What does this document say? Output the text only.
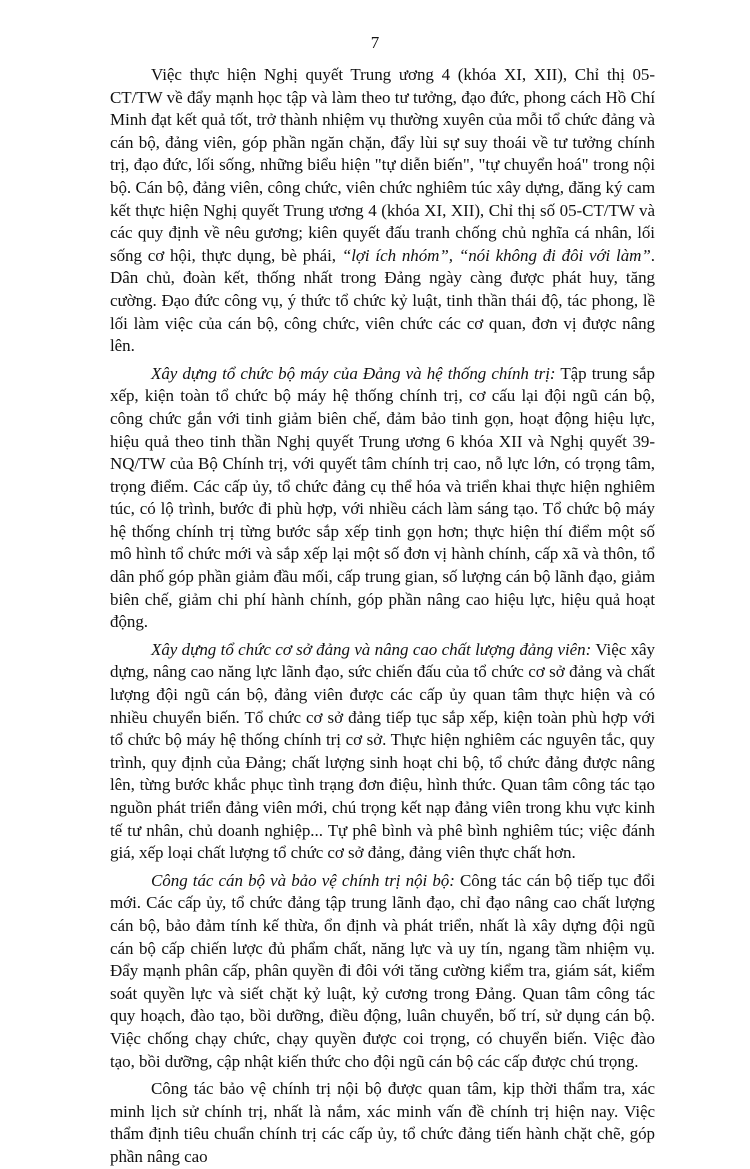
7

Việc thực hiện Nghị quyết Trung ương 4 (khóa XI, XII), Chỉ thị 05-CT/TW về đẩy mạnh học tập và làm theo tư tưởng, đạo đức, phong cách Hồ Chí Minh đạt kết quả tốt, trở thành nhiệm vụ thường xuyên của mỗi tổ chức đảng và cán bộ, đảng viên, góp phần ngăn chặn, đẩy lùi sự suy thoái về tư tưởng chính trị, đạo đức, lối sống, những biểu hiện "tự diễn biến", "tự chuyển hoá" trong nội bộ. Cán bộ, đảng viên, công chức, viên chức nghiêm túc xây dựng, đăng ký cam kết thực hiện Nghị quyết Trung ương 4 (khóa XI, XII), Chỉ thị số 05-CT/TW và các quy định về nêu gương; kiên quyết đấu tranh chống chủ nghĩa cá nhân, lối sống cơ hội, thực dụng, bè phái, “lợi ích nhóm”, “nói không đi đôi với làm”. Dân chủ, đoàn kết, thống nhất trong Đảng ngày càng được phát huy, tăng cường. Đạo đức công vụ, ý thức tổ chức kỷ luật, tinh thần thái độ, tác phong, lề lối làm việc của cán bộ, công chức, viên chức các cơ quan, đơn vị được nâng lên.

Xây dựng tổ chức bộ máy của Đảng và hệ thống chính trị: Tập trung sắp xếp, kiện toàn tổ chức bộ máy hệ thống chính trị, cơ cấu lại đội ngũ cán bộ, công chức gắn với tinh giảm biên chế, đảm bảo tinh gọn, hoạt động hiệu lực, hiệu quả theo tinh thần Nghị quyết Trung ương 6 khóa XII và Nghị quyết 39-NQ/TW của Bộ Chính trị, với quyết tâm chính trị cao, nỗ lực lớn, có trọng tâm, trọng điểm. Các cấp ủy, tổ chức đảng cụ thể hóa và triển khai thực hiện nghiêm túc, có lộ trình, bước đi phù hợp, với nhiều cách làm sáng tạo. Tổ chức bộ máy hệ thống chính trị từng bước sắp xếp tinh gọn hơn; thực hiện thí điểm một số mô hình tổ chức mới và sắp xếp lại một số đơn vị hành chính, cấp xã và thôn, tổ dân phố góp phần giảm đầu mối, cấp trung gian, số lượng cán bộ lãnh đạo, giảm biên chế, giảm chi phí hành chính, góp phần nâng cao hiệu lực, hiệu quả hoạt động.

Xây dựng tổ chức cơ sở đảng và nâng cao chất lượng đảng viên: Việc xây dựng, nâng cao năng lực lãnh đạo, sức chiến đấu của tổ chức cơ sở đảng và chất lượng đội ngũ cán bộ, đảng viên được các cấp ủy quan tâm thực hiện và có nhiều chuyển biến. Tổ chức cơ sở đảng tiếp tục sắp xếp, kiện toàn phù hợp với tổ chức bộ máy hệ thống chính trị cơ sở. Thực hiện nghiêm các nguyên tắc, quy trình, quy định của Đảng; chất lượng sinh hoạt chi bộ, tổ chức đảng được nâng lên, từng bước khắc phục tình trạng đơn điệu, hình thức. Quan tâm công tác tạo nguồn phát triển đảng viên mới, chú trọng kết nạp đảng viên trong khu vực kinh tế tư nhân, chủ doanh nghiệp... Tự phê bình và phê bình nghiêm túc; việc đánh giá, xếp loại chất lượng tổ chức cơ sở đảng, đảng viên thực chất hơn.

Công tác cán bộ và bảo vệ chính trị nội bộ: Công tác cán bộ tiếp tục đổi mới. Các cấp ủy, tổ chức đảng tập trung lãnh đạo, chỉ đạo nâng cao chất lượng cán bộ, bảo đảm tính kế thừa, ổn định và phát triển, nhất là xây dựng đội ngũ cán bộ cấp chiến lược đủ phẩm chất, năng lực và uy tín, ngang tầm nhiệm vụ. Đẩy mạnh phân cấp, phân quyền đi đôi với tăng cường kiểm tra, giám sát, kiểm soát quyền lực và siết chặt kỷ luật, kỷ cương trong Đảng. Quan tâm công tác quy hoạch, đào tạo, bồi dưỡng, điều động, luân chuyển, bố trí, sử dụng cán bộ. Việc chống chạy chức, chạy quyền được coi trọng, có chuyển biến. Việc đào tạo, bồi dưỡng, cập nhật kiến thức cho đội ngũ cán bộ các cấp được chú trọng.

Công tác bảo vệ chính trị nội bộ được quan tâm, kịp thời thẩm tra, xác minh lịch sử chính trị, nhất là nắm, xác minh vấn đề chính trị hiện nay. Việc thẩm định tiêu chuẩn chính trị các cấp ủy, tổ chức đảng tiến hành chặt chẽ, góp phần nâng cao
